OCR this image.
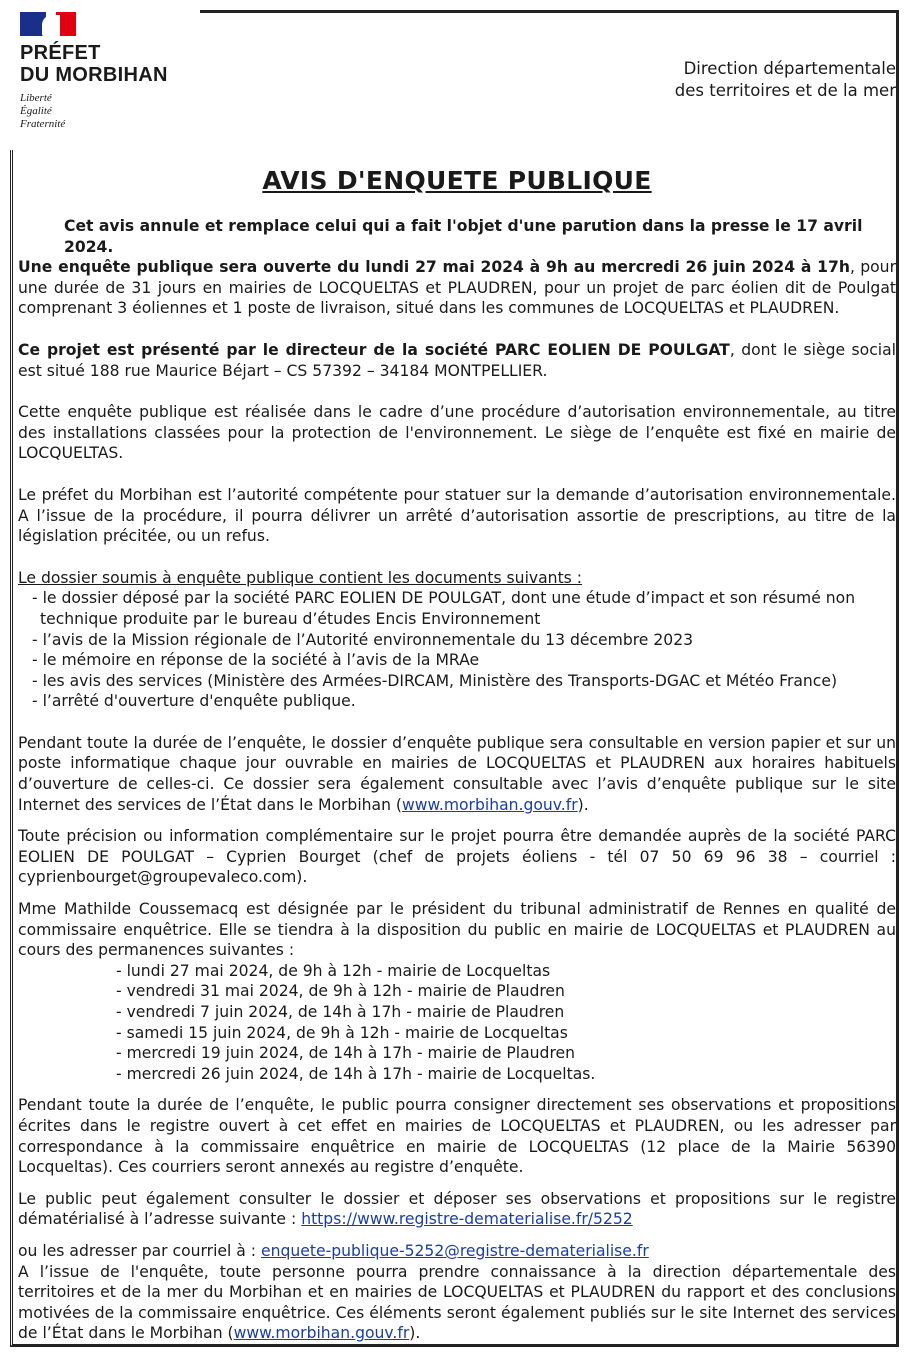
PRÉFET
DU MORBIHAN
Liberté
Égalité
Fraternité
Direction départementale
des territoires et de la mer
AVIS D'ENQUETE PUBLIQUE
Cet avis annule et remplace celui qui a fait l'objet d'une parution dans la presse le 17 avril 2024.

Une enquête publique sera ouverte du lundi 27 mai 2024 à 9h au mercredi 26 juin 2024 à 17h, pour une durée de 31 jours en mairies de LOCQUELTAS et PLAUDREN, pour un projet de parc éolien dit de Poulgat comprenant 3 éoliennes et 1 poste de livraison, situé dans les communes de LOCQUELTAS et PLAUDREN.

Ce projet est présenté par le directeur de la société PARC EOLIEN DE POULGAT, dont le siège social est situé 188 rue Maurice Béjart – CS 57392 – 34184 MONTPELLIER.

Cette enquête publique est réalisée dans le cadre d’une procédure d’autorisation environnementale, au titre des installations classées pour la protection de l'environnement. Le siège de l’enquête est fixé en mairie de LOCQUELTAS.

Le préfet du Morbihan est l’autorité compétente pour statuer sur la demande d’autorisation environnementale. A l’issue de la procédure, il pourra délivrer un arrêté d’autorisation assortie de prescriptions, au titre de la législation précitée, ou un refus.

Le dossier soumis à enquête publique contient les documents suivants :
- le dossier déposé par la société PARC EOLIEN DE POULGAT, dont une étude d’impact et son résumé non technique produite par le bureau d’études Encis Environnement
- l’avis de la Mission régionale de l’Autorité environnementale du 13 décembre 2023
- le mémoire en réponse de la société à l’avis de la MRAe
- les avis des services (Ministère des Armées-DIRCAM, Ministère des Transports-DGAC et Météo France)
- l’arrêté d'ouverture d'enquête publique.

Pendant toute la durée de l’enquête, le dossier d’enquête publique sera consultable en version papier et sur un poste informatique chaque jour ouvrable en mairies de LOCQUELTAS et PLAUDREN aux horaires habituels d’ouverture de celles-ci. Ce dossier sera également consultable avec l’avis d’enquête publique sur le site Internet des services de l’État dans le Morbihan (www.morbihan.gouv.fr).

Toute précision ou information complémentaire sur le projet pourra être demandée auprès de la société PARC EOLIEN DE POULGAT – Cyprien Bourget (chef de projets éoliens - tél 07 50 69 96 38 – courriel : cyprienbourget@groupevaleco.com).

Mme Mathilde Coussemacq est désignée par le président du tribunal administratif de Rennes en qualité de commissaire enquêtrice. Elle se tiendra à la disposition du public en mairie de LOCQUELTAS et PLAUDREN au cours des permanences suivantes :

- lundi 27 mai 2024, de 9h à 12h - mairie de Locqueltas
- vendredi 31 mai 2024, de 9h à 12h - mairie de Plaudren
- vendredi 7 juin 2024, de 14h à 17h - mairie de Plaudren
- samedi 15 juin 2024, de 9h à 12h - mairie de Locqueltas
- mercredi 19 juin 2024, de 14h à 17h - mairie de Plaudren
- mercredi 26 juin 2024, de 14h à 17h - mairie de Locqueltas.

Pendant toute la durée de l’enquête, le public pourra consigner directement ses observations et propositions écrites dans le registre ouvert à cet effet en mairies de LOCQUELTAS et PLAUDREN, ou les adresser par correspondance à la commissaire enquêtrice en mairie de LOCQUELTAS (12 place de la Mairie 56390 Locqueltas). Ces courriers seront annexés au registre d’enquête.

Le public peut également consulter le dossier et déposer ses observations et propositions sur le registre dématérialisé à l’adresse suivante : https://www.registre-dematerialise.fr/5252

ou les adresser par courriel à : enquete-publique-5252@registre-dematerialise.fr

A l’issue de l'enquête, toute personne pourra prendre connaissance à la direction départementale des territoires et de la mer du Morbihan et en mairies de LOCQUELTAS et PLAUDREN du rapport et des conclusions motivées de la commissaire enquêtrice. Ces éléments seront également publiés sur le site Internet des services de l’État dans le Morbihan (www.morbihan.gouv.fr).
